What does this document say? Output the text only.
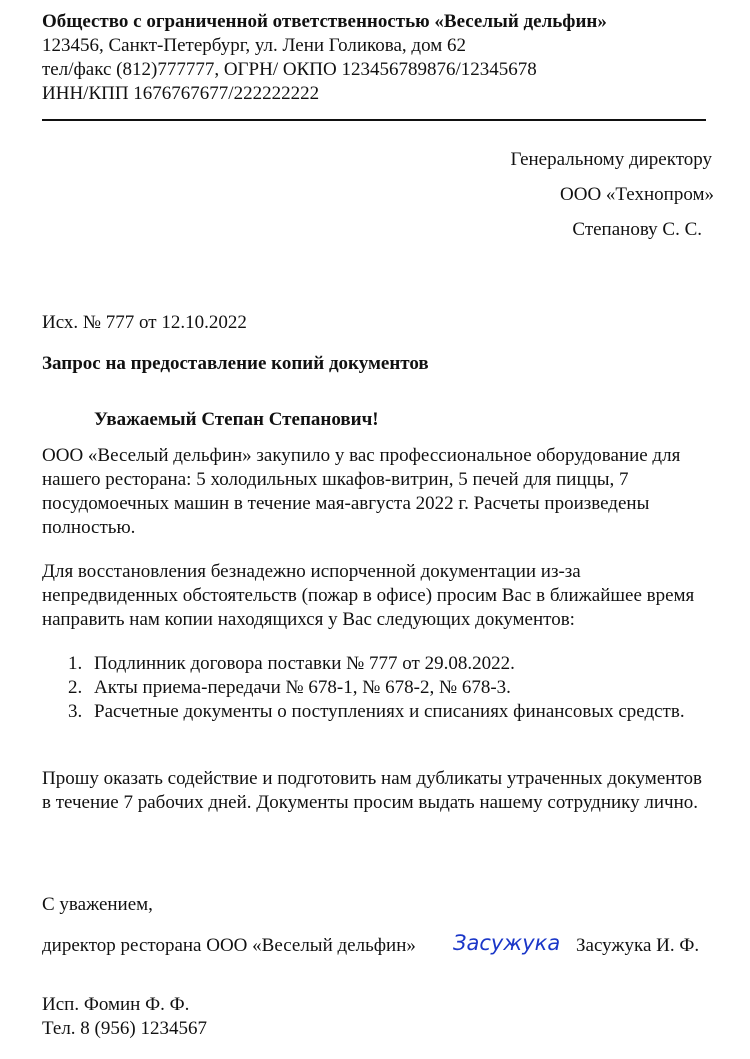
Общество с ограниченной ответственностью «Веселый дельфин»
123456, Санкт-Петербург, ул. Лени Голикова, дом 62
тел/факс (812)777777, ОГРН/ ОКПО 123456789876/12345678
ИНН/КПП 1676767677/222222222
Генеральному директору
ООО «Технопром»
Степанову С. С.
Исх. № 777 от 12.10.2022
Запрос на предоставление копий документов
Уважаемый Степан Степанович!
ООО «Веселый дельфин» закупило у вас профессиональное оборудование для нашего ресторана: 5 холодильных шкафов-витрин, 5 печей для пиццы, 7 посудомоечных машин в течение мая-августа 2022 г. Расчеты произведены полностью.
Для восстановления безнадежно испорченной документации из-за непредвиденных обстоятельств (пожар в офисе) просим Вас в ближайшее время направить нам копии находящихся у Вас следующих документов:
1. Подлинник договора поставки № 777 от 29.08.2022.
2. Акты приема-передачи № 678-1, № 678-2, № 678-3.
3. Расчетные документы о поступлениях и списаниях финансовых средств.
Прошу оказать содействие и подготовить нам дубликаты утраченных документов в течение 7 рабочих дней. Документы просим выдать нашему сотруднику лично.
С уважением,
директор ресторана ООО «Веселый дельфин» Засужука Засужука И. Ф.
Исп. Фомин Ф. Ф.
Тел. 8 (956) 1234567
